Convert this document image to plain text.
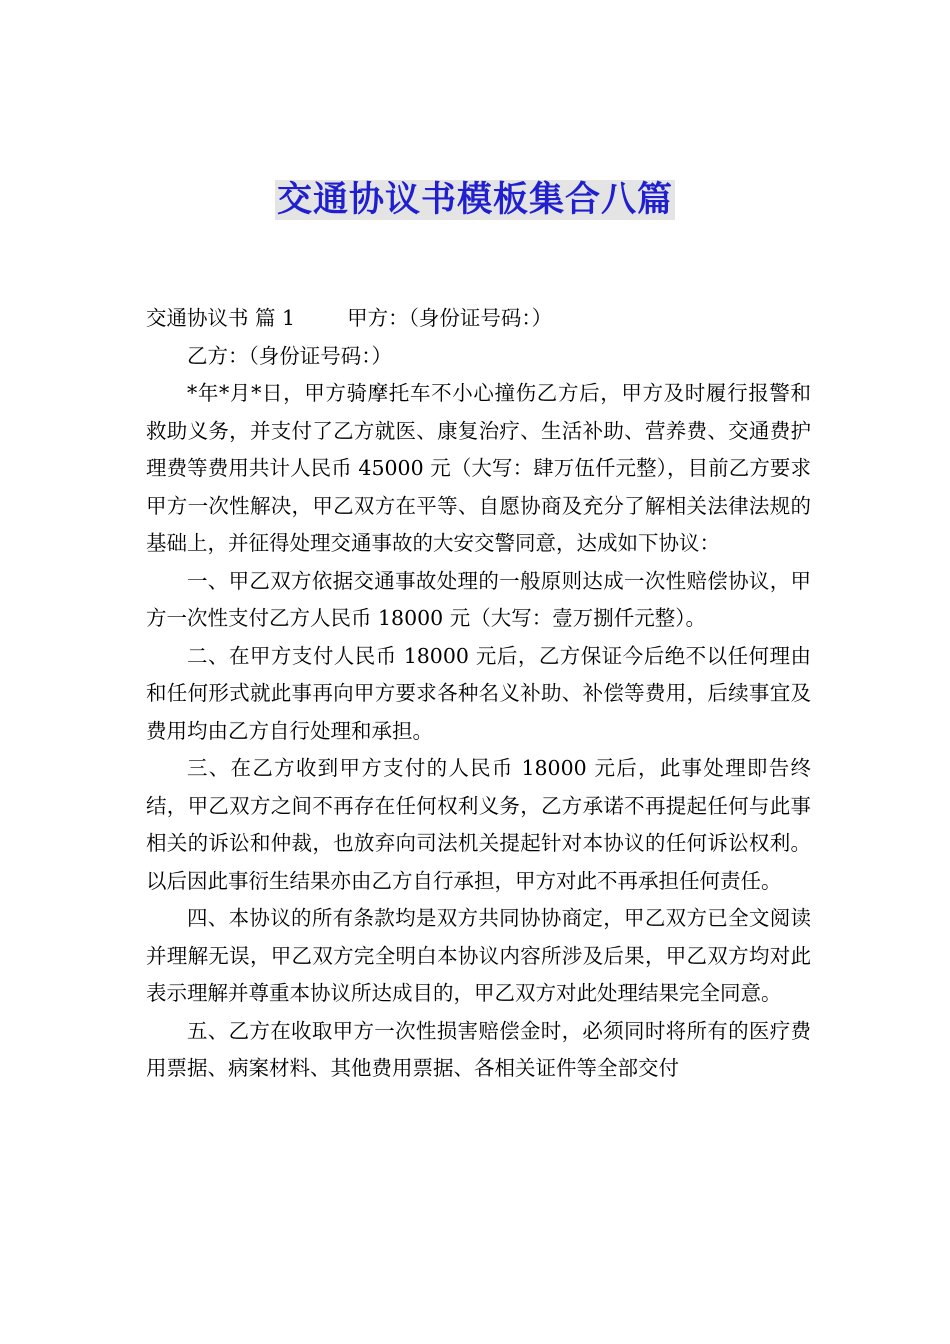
交通协议书模板集合八篇

交通协议书 篇 1	甲方：（身份证号码：）

乙方：（身份证号码：）

*年*月*日，甲方骑摩托车不小心撞伤乙方后，甲方及时履行报警和救助义务，并支付了乙方就医、康复治疗、生活补助、营养费、交通费护理费等费用共计人民币 45000 元（大写：肆万伍仟元整），目前乙方要求甲方一次性解决，甲乙双方在平等、自愿协商及充分了解相关法律法规的基础上，并征得处理交通事故的大安交警同意，达成如下协议：

一、甲乙双方依据交通事故处理的一般原则达成一次性赔偿协议，甲方一次性支付乙方人民币 18000 元（大写：壹万捌仟元整）。

二、在甲方支付人民币 18000 元后，乙方保证今后绝不以任何理由和任何形式就此事再向甲方要求各种名义补助、补偿等费用，后续事宜及费用均由乙方自行处理和承担。

三、在乙方收到甲方支付的人民币 18000 元后，此事处理即告终结，甲乙双方之间不再存在任何权利义务，乙方承诺不再提起任何与此事相关的诉讼和仲裁，也放弃向司法机关提起针对本协议的任何诉讼权利。以后因此事衍生结果亦由乙方自行承担，甲方对此不再承担任何责任。

四、本协议的所有条款均是双方共同协协商定，甲乙双方已全文阅读并理解无误，甲乙双方完全明白本协议内容所涉及后果，甲乙双方均对此表示理解并尊重本协议所达成目的，甲乙双方对此处理结果完全同意。

五、乙方在收取甲方一次性损害赔偿金时，必须同时将所有的医疗费用票据、病案材料、其他费用票据、各相关证件等全部交付
